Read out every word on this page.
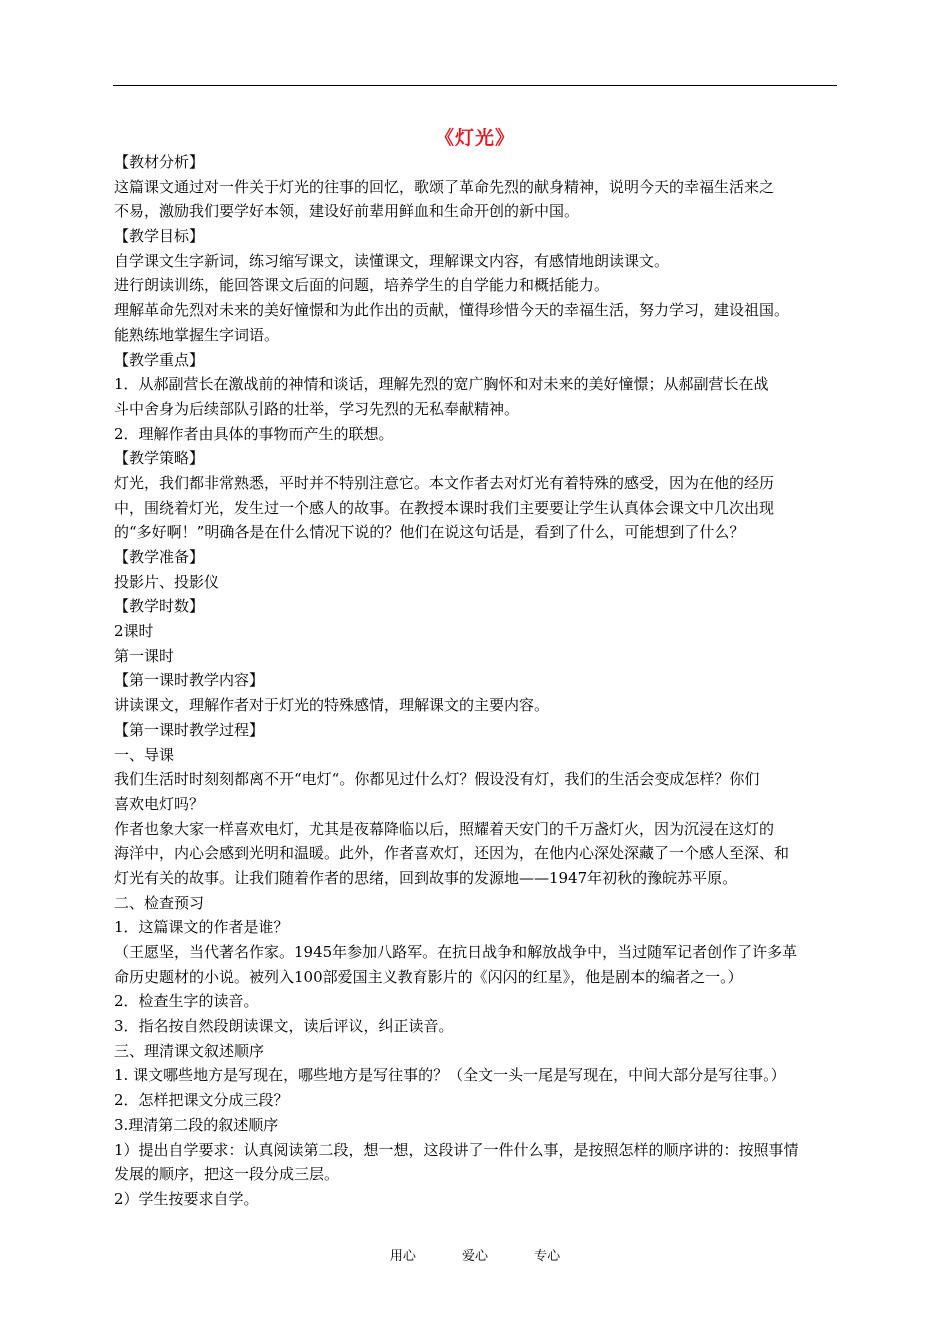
《灯光》
【教材分析】
这篇课文通过对一件关于灯光的往事的回忆，歌颂了革命先烈的献身精神，说明今天的幸福生活来之
不易，激励我们要学好本领，建设好前辈用鲜血和生命开创的新中国。
【教学目标】
自学课文生字新词，练习缩写课文，读懂课文，理解课文内容，有感情地朗读课文。
进行朗读训练，能回答课文后面的问题，培养学生的自学能力和概括能力。
理解革命先烈对未来的美好憧憬和为此作出的贡献，懂得珍惜今天的幸福生活，努力学习，建设祖国。
能熟练地掌握生字词语。
【教学重点】
1．从郝副营长在激战前的神情和谈话，理解先烈的宽广胸怀和对未来的美好憧憬；从郝副营长在战
斗中舍身为后续部队引路的壮举，学习先烈的无私奉献精神。
2．理解作者由具体的事物而产生的联想。
【教学策略】
灯光，我们都非常熟悉，平时并不特别注意它。本文作者去对灯光有着特殊的感受，因为在他的经历
中，围绕着灯光，发生过一个感人的故事。在教授本课时我们主要要让学生认真体会课文中几次出现
的“多好啊！”明确各是在什么情况下说的？他们在说这句话是，看到了什么，可能想到了什么？
【教学准备】
投影片、投影仪
【教学时数】
2课时
第一课时
【第一课时教学内容】
讲读课文，理解作者对于灯光的特殊感情，理解课文的主要内容。
【第一课时教学过程】
一、导课
我们生活时时刻刻都离不开“电灯“。你都见过什么灯？假设没有灯，我们的生活会变成怎样？你们
喜欢电灯吗？
作者也象大家一样喜欢电灯，尤其是夜幕降临以后，照耀着天安门的千万盏灯火，因为沉浸在这灯的
海洋中，内心会感到光明和温暖。此外，作者喜欢灯，还因为，在他内心深处深藏了一个感人至深、和
灯光有关的故事。让我们随着作者的思绪，回到故事的发源地——1947年初秋的豫皖苏平原。
二、检查预习
1．这篇课文的作者是谁？
（王愿坚，当代著名作家。1945年参加八路军。在抗日战争和解放战争中，当过随军记者创作了许多革
命历史题材的小说。被列入100部爱国主义教育影片的《闪闪的红星》，他是剧本的编者之一。）
2．检查生字的读音。
3．指名按自然段朗读课文，读后评议，纠正读音。
三、理清课文叙述顺序
1. 课文哪些地方是写现在，哪些地方是写往事的？（全文一头一尾是写现在，中间大部分是写往事。）
2．怎样把课文分成三段？
3.理清第二段的叙述顺序
1）提出自学要求：认真阅读第二段，想一想，这段讲了一件什么事，是按照怎样的顺序讲的：按照事情
发展的顺序，把这一段分成三层。
2）学生按要求自学。
用心	爱心	专心
